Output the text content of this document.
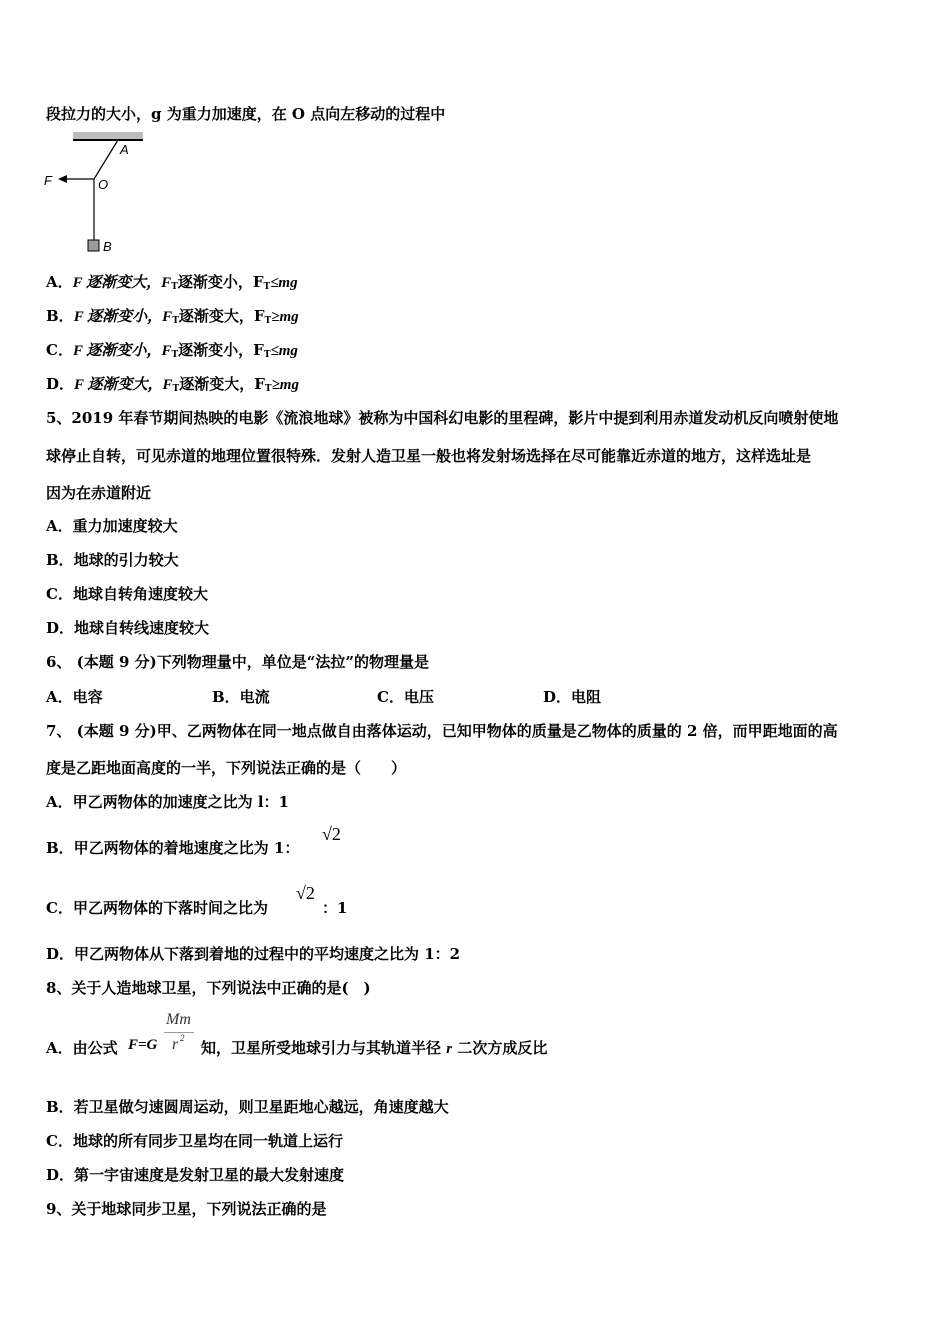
段拉力的大小，g 为重力加速度，在 O 点向左移动的过程中
A
O
F
B
A．F 逐渐变大，$F_T$逐渐变小，$F_T\le mg$
B．F 逐渐变小，$F_T$逐渐变大，$F_T\ge mg$
C．F 逐渐变小，$F_T$逐渐变小，$F_T\le mg$
D．F 逐渐变大，$F_T$逐渐变大，$F_T\ge mg$
5、2019 年春节期间热映的电影《流浪地球》被称为中国科幻电影的里程碑，影片中提到利用赤道发动机反向喷射使地
球停止自转，可见赤道的地理位置很特殊．发射人造卫星一般也将发射场选择在尽可能靠近赤道的地方，这样选址是
因为在赤道附近
A．重力加速度较大
B．地球的引力较大
C．地球自转角速度较大
D．地球自转线速度较大
6、 (本题 9 分)下列物理量中，单位是“法拉”的物理量是
A．电容	B．电流	C．电压	D．电阻
7、 (本题 9 分)甲、乙两物体在同一地点做自由落体运动，已知甲物体的质量是乙物体的质量的 2 倍，而甲距地面的高
度是乙距地面高度的一半，下列说法正确的是（　　）
A．甲乙两物体的加速度之比为 l：1
B．甲乙两物体的着地速度之比为 1：
√2
C．甲乙两物体的下落时间之比为
√2
：1
D．甲乙两物体从下落到着地的过程中的平均速度之比为 1：2
8、关于人造地球卫星，下列说法中正确的是(　)
A．由公式 F=G
Mm
r 2
知，卫星所受地球引力与其轨道半径 r 二次方成反比
B．若卫星做匀速圆周运动，则卫星距地心越远，角速度越大
C．地球的所有同步卫星均在同一轨道上运行
D．第一宇宙速度是发射卫星的最大发射速度
9、关于地球同步卫星，下列说法正确的是
